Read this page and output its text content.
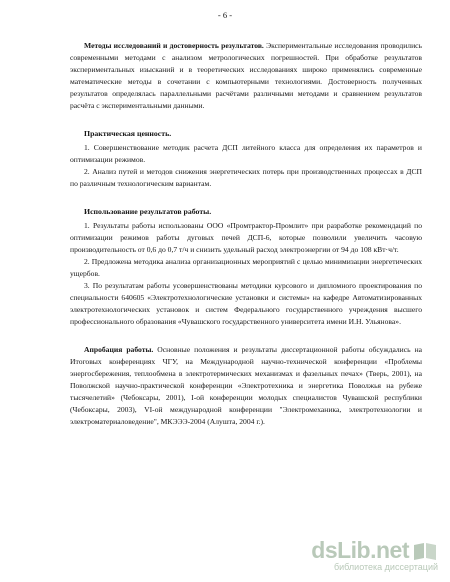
- 6 -

Методы исследований и достоверность результатов. Экспериментальные исследования проводились современными методами с анализом метрологических погрешностей. При обработке результатов экспериментальных изысканий и в теоретических исследованиях широко применялись современные математические методы в сочетании с компьютерными технологиями. Достоверность полученных результатов определялась параллельными расчётами различными методами и сравнением результатов расчёта с экспериментальными данными.

Практическая ценность.

1. Совершенствование методик расчета ДСП литейного класса для определения их параметров и оптимизации режимов.

2. Анализ путей и методов снижения энергетических потерь при производственных процессах в ДСП по различным технологическим вариантам.

Использование результатов работы.

1. Результаты работы использованы ООО «Промтрактор-Промлит» при разработке рекомендаций по оптимизации режимов работы дуговых печей ДСП-6, которые позволили увеличить часовую производительность от 0,6 до 0,7 т/ч и снизить удельный расход электроэнергии от 94 до 108 кВт·ч/т.

2. Предложена методика анализа организационных мероприятий с целью минимизации энергетических ущербов.

3. По результатам работы усовершенствованы методики курсового и дипломного проектирования по специальности 640605 «Электротехнологические установки и системы» на кафедре Автоматизированных электротехнологических установок и систем Федерального государственного учреждения высшего профессионального образования «Чувашского государственного университета имени И.Н. Ульянова».

Апробация работы. Основные положения и результаты диссертационной работы обсуждались на Итоговых конференциях ЧГУ, на Международной научно-технической конференции «Проблемы энергосбережения, теплообмена в электротермических механизмах и фазельных печах» (Тверь, 2001), на Поволжской научно-практической конференции «Электротехника и энергетика Поволжья на рубеже тысячелетий» (Чебоксары, 2001), I-ой конференции молодых специалистов Чувашской республики (Чебоксары, 2003), VI-ой международной конференции "Электромеханика, электротехнологии и электроматериаловедение", МКЭЭЭ-2004 (Алушта, 2004 г.).

dsLib.net
библиотека диссертаций
